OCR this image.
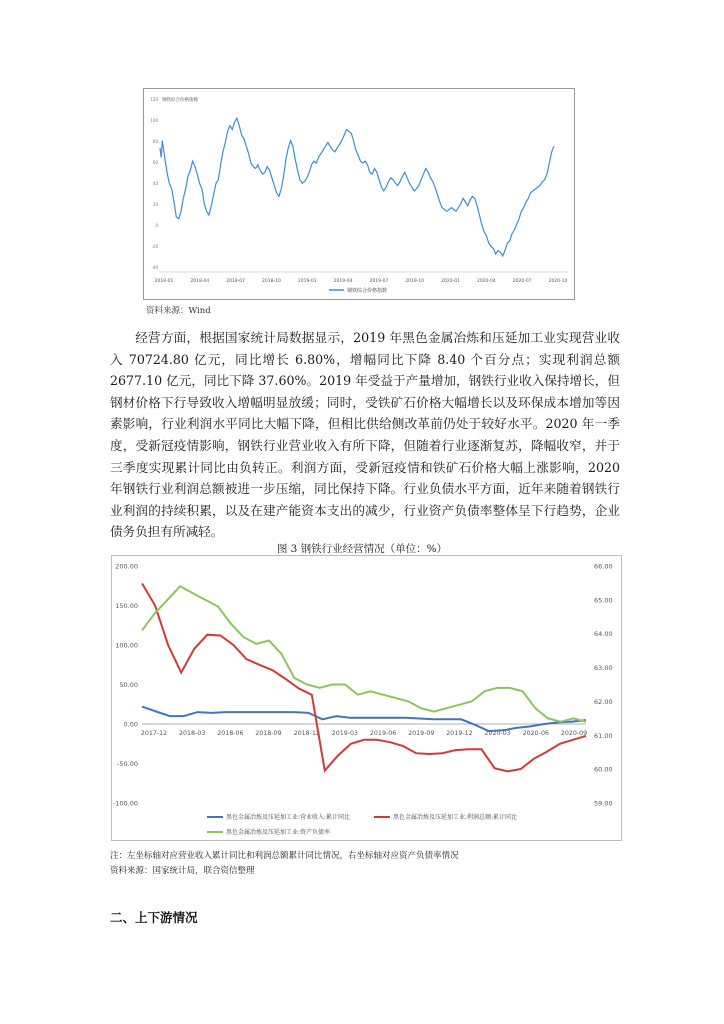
钢铁综合价格指数
120
100
80
60
40
20
0
-20
-40
2018-01	2018-04	2018-07	2018-10	2019-01	2019-04	2019-07	2019-10	2020-01	2020-04	2020-07	2020-10
钢铁综合价格指数
资料来源：Wind

经营方面，根据国家统计局数据显示，2019 年黑色金属冶炼和压延加工业实现营业收入 70724.80 亿元，同比增长 6.80%，增幅同比下降 8.40 个百分点；实现利润总额 2677.10 亿元，同比下降 37.60%。2019 年受益于产量增加，钢铁行业收入保持增长，但钢材价格下行导致收入增幅明显放缓；同时，受铁矿石价格大幅增长以及环保成本增加等因素影响，行业利润水平同比大幅下降，但相比供给侧改革前仍处于较好水平。2020 年一季度，受新冠疫情影响，钢铁行业营业收入有所下降，但随着行业逐渐复苏，降幅收窄，并于三季度实现累计同比由负转正。利润方面，受新冠疫情和铁矿石价格大幅上涨影响，2020 年钢铁行业利润总额被进一步压缩，同比保持下降。行业负债水平方面，近年来随着钢铁行业利润的持续积累，以及在建产能资本支出的减少，行业资产负债率整体呈下行趋势，企业债务负担有所减轻。

图 3 钢铁行业经营情况（单位：%）
200.00
150.00
100.00
50.00
0.00
-50.00
-100.00
66.00
65.00
64.00
63.00
62.00
61.00
60.00
59.00
2017-12 2018-03 2018-06 2018-09 2018-12 2019-03 2019-06 2019-09 2019-12 2020-03 2020-06 2020-09
黑色金属冶炼及压延加工业:营业收入:累计同比	黑色金属冶炼及压延加工业:利润总额:累计同比
黑色金属冶炼及压延加工业:资产负债率
注：左坐标轴对应营业收入累计同比和利润总额累计同比情况，右坐标轴对应资产负债率情况
资料来源：国家统计局，联合资信整理
二、上下游情况
